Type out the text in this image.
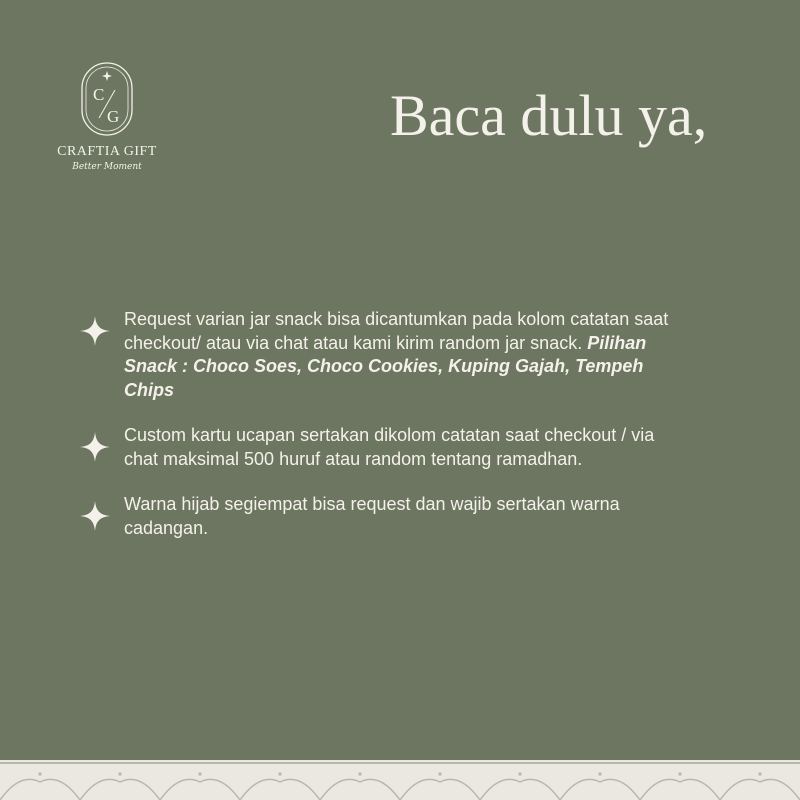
C
G
CRAFTIA GIFT
Better Moment
Baca dulu ya,
Request varian jar snack bisa dicantumkan pada kolom catatan saat checkout/ atau via chat atau kami kirim random jar snack. Pilihan Snack : Choco Soes, Choco Cookies, Kuping Gajah, Tempeh Chips
Custom kartu ucapan sertakan dikolom catatan saat checkout / via chat maksimal 500 huruf atau random tentang ramadhan.
Warna hijab segiempat bisa request dan wajib sertakan warna cadangan.
